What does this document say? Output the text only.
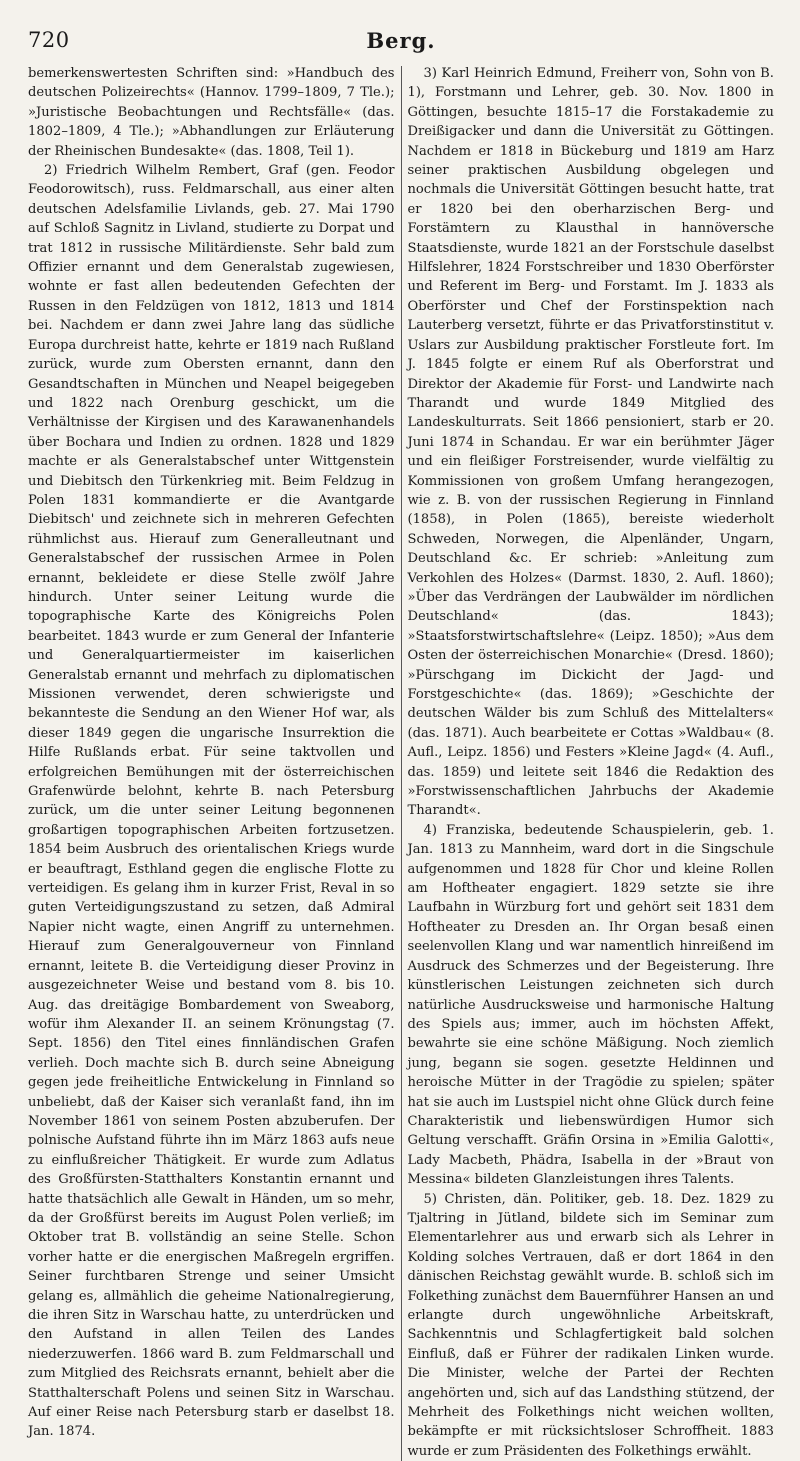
720	Berg.

bemerkenswertesten Schriften sind: »Handbuch des deutschen Polizeirechts« (Hannov. 1799–1809, 7 Tle.); »Juristische Beobachtungen und Rechtsfälle« (das. 1802–1809, 4 Tle.); »Abhandlungen zur Erläuterung der Rheinischen Bundesakte« (das. 1808, Teil 1).

2) Friedrich Wilhelm Rembert, Graf (gen. Feodor Feodorowitsch), russ. Feldmarschall, aus einer alten deutschen Adelsfamilie Livlands, geb. 27. Mai 1790 auf Schloß Sagnitz in Livland, studierte zu Dorpat und trat 1812 in russische Militärdienste. Sehr bald zum Offizier ernannt und dem Generalstab zugewiesen, wohnte er fast allen bedeutenden Gefechten der Russen in den Feldzügen von 1812, 1813 und 1814 bei. Nachdem er dann zwei Jahre lang das südliche Europa durchreist hatte, kehrte er 1819 nach Rußland zurück, wurde zum Obersten ernannt, dann den Gesandtschaften in München und Neapel beigegeben und 1822 nach Orenburg geschickt, um die Verhältnisse der Kirgisen und des Karawanenhandels über Bochara und Indien zu ordnen. 1828 und 1829 machte er als Generalstabschef unter Wittgenstein und Diebitsch den Türkenkrieg mit. Beim Feldzug in Polen 1831 kommandierte er die Avantgarde Diebitsch' und zeichnete sich in mehreren Gefechten rühmlichst aus. Hierauf zum Generalleutnant und Generalstabschef der russischen Armee in Polen ernannt, bekleidete er diese Stelle zwölf Jahre hindurch. Unter seiner Leitung wurde die topographische Karte des Königreichs Polen bearbeitet. 1843 wurde er zum General der Infanterie und Generalquartiermeister im kaiserlichen Generalstab ernannt und mehrfach zu diplomatischen Missionen verwendet, deren schwierigste und bekannteste die Sendung an den Wiener Hof war, als dieser 1849 gegen die ungarische Insurrektion die Hilfe Rußlands erbat. Für seine taktvollen und erfolgreichen Bemühungen mit der österreichischen Grafenwürde belohnt, kehrte B. nach Petersburg zurück, um die unter seiner Leitung begonnenen großartigen topographischen Arbeiten fortzusetzen. 1854 beim Ausbruch des orientalischen Kriegs wurde er beauftragt, Esthland gegen die englische Flotte zu verteidigen. Es gelang ihm in kurzer Frist, Reval in so guten Verteidigungszustand zu setzen, daß Admiral Napier nicht wagte, einen Angriff zu unternehmen. Hierauf zum Generalgouverneur von Finnland ernannt, leitete B. die Verteidigung dieser Provinz in ausgezeichneter Weise und bestand vom 8. bis 10. Aug. das dreitägige Bombardement von Sweaborg, wofür ihm Alexander II. an seinem Krönungstag (7. Sept. 1856) den Titel eines finnländischen Grafen verlieh. Doch machte sich B. durch seine Abneigung gegen jede freiheitliche Entwickelung in Finnland so unbeliebt, daß der Kaiser sich veranlaßt fand, ihn im November 1861 von seinem Posten abzuberufen. Der polnische Aufstand führte ihn im März 1863 aufs neue zu einflußreicher Thätigkeit. Er wurde zum Adlatus des Großfürsten-Statthalters Konstantin ernannt und hatte thatsächlich alle Gewalt in Händen, um so mehr, da der Großfürst bereits im August Polen verließ; im Oktober trat B. vollständig an seine Stelle. Schon vorher hatte er die energischen Maßregeln ergriffen. Seiner furchtbaren Strenge und seiner Umsicht gelang es, allmählich die geheime Nationalregierung, die ihren Sitz in Warschau hatte, zu unterdrücken und den Aufstand in allen Teilen des Landes niederzuwerfen. 1866 ward B. zum Feldmarschall und zum Mitglied des Reichsrats ernannt, behielt aber die Statthalterschaft Polens und seinen Sitz in Warschau. Auf einer Reise nach Petersburg starb er daselbst 18. Jan. 1874.

3) Karl Heinrich Edmund, Freiherr von, Sohn von B. 1), Forstmann und Lehrer, geb. 30. Nov. 1800 in Göttingen, besuchte 1815–17 die Forstakademie zu Dreißigacker und dann die Universität zu Göttingen. Nachdem er 1818 in Bückeburg und 1819 am Harz seiner praktischen Ausbildung obgelegen und nochmals die Universität Göttingen besucht hatte, trat er 1820 bei den oberharzischen Berg- und Forstämtern zu Klausthal in hannöversche Staatsdienste, wurde 1821 an der Forstschule daselbst Hilfslehrer, 1824 Forstschreiber und 1830 Oberförster und Referent im Berg- und Forstamt. Im J. 1833 als Oberförster und Chef der Forstinspektion nach Lauterberg versetzt, führte er das Privatforstinstitut v. Uslars zur Ausbildung praktischer Forstleute fort. Im J. 1845 folgte er einem Ruf als Oberforstrat und Direktor der Akademie für Forst- und Landwirte nach Tharandt und wurde 1849 Mitglied des Landeskulturrats. Seit 1866 pensioniert, starb er 20. Juni 1874 in Schandau. Er war ein berühmter Jäger und ein fleißiger Forstreisender, wurde vielfältig zu Kommissionen von großem Umfang herangezogen, wie z. B. von der russischen Regierung in Finnland (1858), in Polen (1865), bereiste wiederholt Schweden, Norwegen, die Alpenländer, Ungarn, Deutschland &c. Er schrieb: »Anleitung zum Verkohlen des Holzes« (Darmst. 1830, 2. Aufl. 1860); »Über das Verdrängen der Laubwälder im nördlichen Deutschland« (das. 1843); »Staatsforstwirtschaftslehre« (Leipz. 1850); »Aus dem Osten der österreichischen Monarchie« (Dresd. 1860); »Pürschgang im Dickicht der Jagd- und Forstgeschichte« (das. 1869); »Geschichte der deutschen Wälder bis zum Schluß des Mittelalters« (das. 1871). Auch bearbeitete er Cottas »Waldbau« (8. Aufl., Leipz. 1856) und Festers »Kleine Jagd« (4. Aufl., das. 1859) und leitete seit 1846 die Redaktion des »Forstwissenschaftlichen Jahrbuchs der Akademie Tharandt«.

4) Franziska, bedeutende Schauspielerin, geb. 1. Jan. 1813 zu Mannheim, ward dort in die Singschule aufgenommen und 1828 für Chor und kleine Rollen am Hoftheater engagiert. 1829 setzte sie ihre Laufbahn in Würzburg fort und gehört seit 1831 dem Hoftheater zu Dresden an. Ihr Organ besaß einen seelenvollen Klang und war namentlich hinreißend im Ausdruck des Schmerzes und der Begeisterung. Ihre künstlerischen Leistungen zeichneten sich durch natürliche Ausdrucksweise und harmonische Haltung des Spiels aus; immer, auch im höchsten Affekt, bewahrte sie eine schöne Mäßigung. Noch ziemlich jung, begann sie sogen. gesetzte Heldinnen und heroische Mütter in der Tragödie zu spielen; später hat sie auch im Lustspiel nicht ohne Glück durch feine Charakteristik und liebenswürdigen Humor sich Geltung verschafft. Gräfin Orsina in »Emilia Galotti«, Lady Macbeth, Phädra, Isabella in der »Braut von Messina« bildeten Glanzleistungen ihres Talents.

5) Christen, dän. Politiker, geb. 18. Dez. 1829 zu Tjaltring in Jütland, bildete sich im Seminar zum Elementarlehrer aus und erwarb sich als Lehrer in Kolding solches Vertrauen, daß er dort 1864 in den dänischen Reichstag gewählt wurde. B. schloß sich im Folkething zunächst dem Bauernführer Hansen an und erlangte durch ungewöhnliche Arbeitskraft, Sachkenntnis und Schlagfertigkeit bald solchen Einfluß, daß er Führer der radikalen Linken wurde. Die Minister, welche der Partei der Rechten angehörten und, sich auf das Landsthing stützend, der Mehrheit des Folkethings nicht weichen wollten, bekämpfte er mit rücksichtsloser Schroffheit. 1883 wurde er zum Präsidenten des Folkethings erwählt.
